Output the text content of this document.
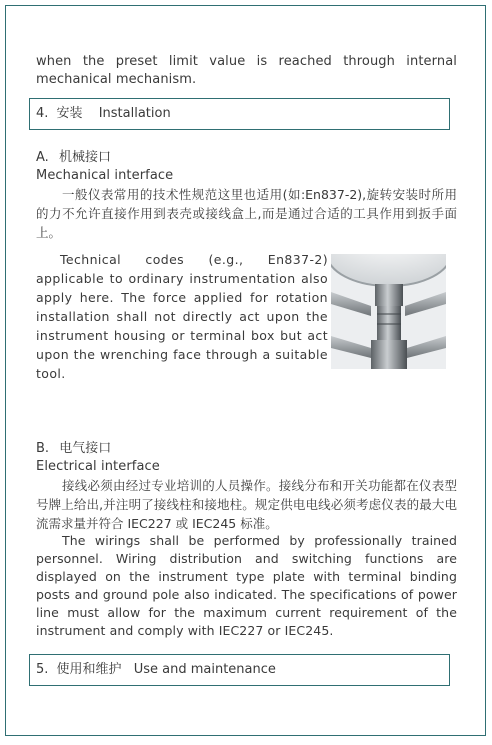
when the preset limit value is reached through internal mechanical mechanism.
4. 安装 Installation
A. 机械接口
Mechanical interface
一般仪表常用的技术性规范这里也适用(如:En837-2),旋转安装时所用的力不允许直接作用到表壳或接线盒上,而是通过合适的工具作用到扳手面上。
Technical codes (e.g., En837-2) applicable to ordinary instrumentation also apply here. The force applied for rotation installation shall not directly act upon the instrument housing or terminal box but act upon the wrenching face through a suitable tool.
B. 电气接口
Electrical interface
接线必须由经过专业培训的人员操作。接线分布和开关功能都在仪表型号牌上给出,并注明了接线柱和接地柱。规定供电电线必须考虑仪表的最大电流需求量并符合 IEC227 或 IEC245 标准。
The wirings shall be performed by professionally trained personnel. Wiring distribution and switching functions are displayed on the instrument type plate with terminal binding posts and ground pole also indicated. The specifications of power line must allow for the maximum current requirement of the instrument and comply with IEC227 or IEC245.
5. 使用和维护 Use and maintenance
